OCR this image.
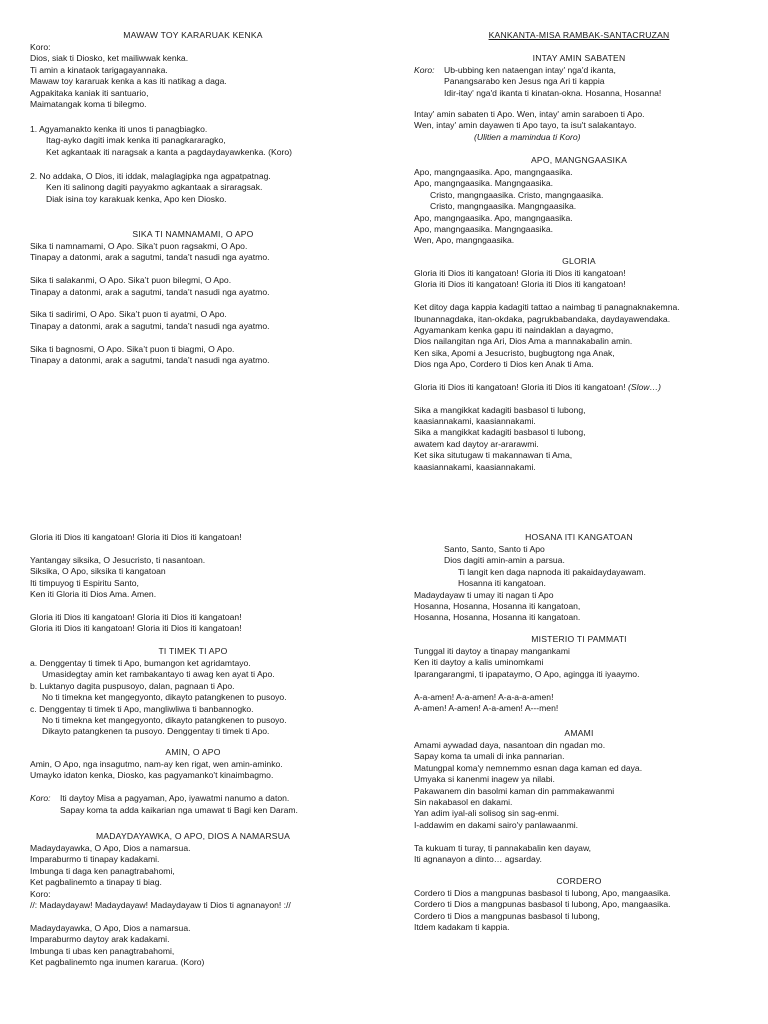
MAWAW TOY KARARUAK KENKA
Koro:
Dios, siak ti Diosko, ket mailiwwak kenka.
Ti amin a kinataok tarigagayannaka.
Mawaw toy kararuak kenka a kas iti natikag a daga.
Agpakitaka kaniak iti santuario,
Maimatangak koma ti bilegmo.
1. Agyamanakto kenka iti unos ti panagbiagko.
Itag-ayko dagiti imak kenka iti panagkararagko,
Ket agkantaak iti naragsak a kanta a pagdaydayawkenka. (Koro)
2. No addaka, O Dios, iti iddak, malaglagipka nga agpatpatnag.
Ken iti salinong dagiti payyakmo agkantaak a siraragsak.
Diak isina toy karakuak kenka, Apo ken Diosko.
SIKA TI NAMNAMAMI, O APO
Sika ti namnamami, O Apo. Sika’t puon ragsakmi, O Apo.
Tinapay a datonmi, arak a sagutmi, tanda’t nasudi nga ayatmo.
Sika ti salakanmi, O Apo. Sika’t puon bilegmi, O Apo.
Tinapay a datonmi, arak a sagutmi, tanda’t nasudi nga ayatmo.
Sika ti sadirimi, O Apo. Sika’t puon ti ayatmi, O Apo.
Tinapay a datonmi, arak a sagutmi, tanda’t nasudi nga ayatmo.
Sika ti bagnosmi, O Apo. Sika’t puon ti biagmi, O Apo.
Tinapay a datonmi, arak a sagutmi, tanda’t nasudi nga ayatmo.
KANKANTA-MISA RAMBAK-SANTACRUZAN
INTAY AMIN SABATEN
Koro: Ub-ubbing ken nataengan intay' nga'd ikanta,
Panangsarabo ken Jesus nga Ari ti kappia
Idir-itay' nga'd ikanta ti kinatan-okna. Hosanna, Hosanna!
Intay' amin sabaten ti Apo. Wen, intay' amin saraboen ti Apo.
Wen, intay' amin dayawen ti Apo tayo, ta isu't salakantayo.
(Ulitien a mamindua ti Koro)
APO, MANGNGAASIKA
Apo, mangngaasika. Apo, mangngaasika.
Apo, mangngaasika. Mangngaasika.
Cristo, mangngaasika. Cristo, mangngaasika.
Cristo, mangngaasika. Mangngaasika.
Apo, mangngaasika. Apo, mangngaasika.
Apo, mangngaasika. Mangngaasika.
Wen, Apo, mangngaasika.
GLORIA
Gloria iti Dios iti kangatoan! Gloria iti Dios iti kangatoan!
Gloria iti Dios iti kangatoan! Gloria iti Dios iti kangatoan!
Ket ditoy daga kappia kadagiti tattao a naimbag ti panagnaknakemna.
Ibunannagdaka, itan-okdaka, pagrukbabandaka, daydayawendaka.
Agyamankam kenka gapu iti naindaklan a dayagmo,
Dios nailangitan nga Ari, Dios Ama a mannakabalin amin.
Ken sika, Apomi a Jesucristo, bugbugtong nga Anak,
Dios nga Apo, Cordero ti Dios ken Anak ti Ama.
Gloria iti Dios iti kangatoan! Gloria iti Dios iti kangatoan! (Slow…)
Sika a mangikkat kadagiti basbasol ti lubong,
kaasiannakami, kaasiannakami.
Sika a mangikkat kadagiti basbasol ti lubong,
awatem kad daytoy ar-ararawmi.
Ket sika situtugaw ti makannawan ti Ama,
kaasiannakami, kaasiannakami.
Gloria iti Dios iti kangatoan! Gloria iti Dios iti kangatoan!
Yantangay siksika, O Jesucristo, ti nasantoan.
Siksika, O Apo, siksika ti kangatoan
Iti timpuyog ti Espiritu Santo,
Ken iti Gloria iti Dios Ama. Amen.
Gloria iti Dios iti kangatoan! Gloria iti Dios iti kangatoan!
Gloria iti Dios iti kangatoan! Gloria iti Dios iti kangatoan!
TI TIMEK TI APO
a. Denggentay ti timek ti Apo, bumangon ket agridamtayo.
Umasidegtay amin ket rambakantayo ti awag ken ayat ti Apo.
b. Luktanyo dagita puspusoyo, dalan, pagnaan ti Apo.
No ti timekna ket mangegyonto, dikayto patangkenen to pusoyo.
c. Denggentay ti timek ti Apo, mangliwliwa ti banbannogko.
No ti timekna ket mangegyonto, dikayto patangkenen to pusoyo.
Dikayto patangkenen ta pusoyo. Denggentay ti timek ti Apo.
AMIN, O APO
Amin, O Apo, nga insagutmo, nam-ay ken rigat, wen amin-aminko.
Umayko idaton kenka, Diosko, kas pagyamanko't kinaimbagmo.
Koro: Iti daytoy Misa a pagyaman, Apo, iyawatmi nanumo a daton.
Sapay koma ta adda kaikarian nga umawat ti Bagi ken Daram.
MADAYDAYAWKA, O APO, DIOS A NAMARSUA
Madaydayawka, O Apo, Dios a namarsua.
Imparaburmo ti tinapay kadakami.
Imbunga ti daga ken panagtrabahomi,
Ket pagbalinemto a tinapay ti biag.
Koro:
//: Madaydayaw! Madaydayaw! Madaydayaw ti Dios ti agnanayon! ://
Madaydayawka, O Apo, Dios a namarsua.
Imparaburmo daytoy arak kadakami.
Imbunga ti ubas ken panagtrabahomi,
Ket pagbalinemto nga inumen kararua. (Koro)
HOSANA ITI KANGATOAN
Santo, Santo, Santo ti Apo
Dios dagiti amin-amin a parsua.
Ti langit ken daga napnoda iti pakaidaydayawam.
Hosanna iti kangatoan.
Madaydayaw ti umay iti nagan ti Apo
Hosanna, Hosanna, Hosanna iti kangatoan,
Hosanna, Hosanna, Hosanna iti kangatoan.
MISTERIO TI PAMMATI
Tunggal iti daytoy a tinapay mangankami
Ken iti daytoy a kalis uminomkami
Iparangarangmi, ti ipapataymo, O Apo, agingga iti iyaaymo.
A-a-amen! A-a-amen! A-a-a-a-amen!
A-amen! A-amen! A-a-amen! A---men!
AMAMI
Amami aywadad daya, nasantoan din ngadan mo.
Sapay koma ta umali di inka pannarian.
Matungpal koma'y nemnemmo esnan daga kaman ed daya.
Umyaka si kanenmi inagew ya nilabi.
Pakawanem din basolmi kaman din pammakawanmi
Sin nakabasol en dakami.
Yan adim iyal-ali solisog sin sag-enmi.
I-addawim en dakami sairo'y panlawaanmi.
Ta kukuam ti turay, ti pannakabalin ken dayaw,
Iti agnanayon a dinto… agsarday.
CORDERO
Cordero ti Dios a mangpunas basbasol ti lubong, Apo, mangaasika.
Cordero ti Dios a mangpunas basbasol ti lubong, Apo, mangaasika.
Cordero ti Dios a mangpunas basbasol ti lubong,
Itdem kadakam ti kappia.
